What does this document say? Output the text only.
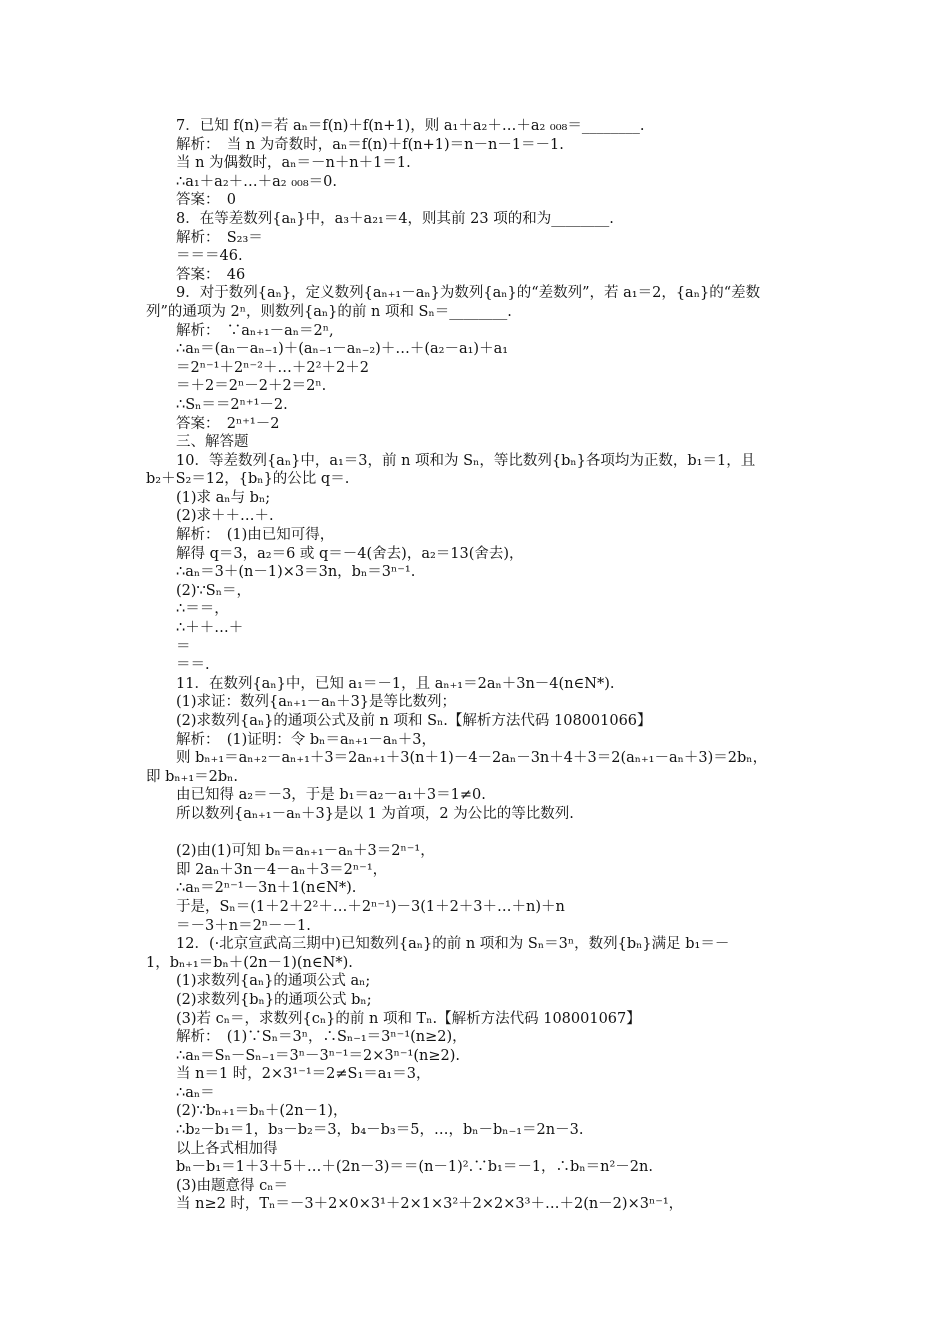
7．已知 f(n)＝若 aₙ＝f(n)＋f(n+1)，则 a₁＋a₂＋…＋a₂ ₀₀₈＝________.
解析：　当 n 为奇数时，aₙ＝f(n)＋f(n+1)＝n－n－1＝－1.
当 n 为偶数时，aₙ＝－n＋n＋1＝1.
∴a₁＋a₂＋…＋a₂ ₀₀₈＝0.
答案：　0
8．在等差数列{aₙ}中，a₃＋a₂₁＝4，则其前 23 项的和为________.
解析：　S₂₃＝
＝＝＝46.
答案：　46
9．对于数列{aₙ}，定义数列{aₙ₊₁－aₙ}为数列{aₙ}的“差数列”，若 a₁＝2，{aₙ}的“差数
列”的通项为 2ⁿ，则数列{aₙ}的前 n 项和 Sₙ＝________.
解析：　∵aₙ₊₁－aₙ＝2ⁿ,
∴aₙ＝(aₙ－aₙ₋₁)＋(aₙ₋₁－aₙ₋₂)＋…＋(a₂－a₁)＋a₁
＝2ⁿ⁻¹＋2ⁿ⁻²＋…＋2²＋2＋2
＝＋2＝2ⁿ－2＋2＝2ⁿ.
∴Sₙ＝＝2ⁿ⁺¹－2.
答案：　2ⁿ⁺¹－2
三、解答题
10．等差数列{aₙ}中，a₁＝3，前 n 项和为 Sₙ，等比数列{bₙ}各项均为正数，b₁＝1，且
b₂＋S₂＝12，{bₙ}的公比 q＝.
(1)求 aₙ与 bₙ;
(2)求＋＋…＋.
解析：　(1)由已知可得，
解得 q＝3，a₂＝6 或 q＝－4(舍去)，a₂＝13(舍去)，
∴aₙ＝3＋(n－1)×3＝3n，bₙ＝3ⁿ⁻¹.
(2)∵Sₙ＝，
∴＝＝，
∴＋＋…＋
＝
＝＝.
11．在数列{aₙ}中，已知 a₁＝－1，且 aₙ₊₁＝2aₙ＋3n－4(n∈N*).
(1)求证：数列{aₙ₊₁－aₙ＋3}是等比数列；
(2)求数列{aₙ}的通项公式及前 n 项和 Sₙ.【解析方法代码 108001066】
解析：　(1)证明：令 bₙ＝aₙ₊₁－aₙ＋3，
则 bₙ₊₁＝aₙ₊₂－aₙ₊₁＋3＝2aₙ₊₁＋3(n＋1)－4－2aₙ－3n＋4＋3＝2(aₙ₊₁－aₙ＋3)＝2bₙ，
即 bₙ₊₁＝2bₙ.
由已知得 a₂＝－3，于是 b₁＝a₂－a₁＋3＝1≠0.
所以数列{aₙ₊₁－aₙ＋3}是以 1 为首项，2 为公比的等比数列.
(2)由(1)可知 bₙ＝aₙ₊₁－aₙ＋3＝2ⁿ⁻¹，
即 2aₙ＋3n－4－aₙ＋3＝2ⁿ⁻¹，
∴aₙ＝2ⁿ⁻¹－3n＋1(n∈N*).
于是，Sₙ＝(1＋2＋2²＋…＋2ⁿ⁻¹)－3(1＋2＋3＋…＋n)＋n
＝－3＋n＝2ⁿ－－1.
12．(·北京宣武高三期中)已知数列{aₙ}的前 n 项和为 Sₙ＝3ⁿ，数列{bₙ}满足 b₁＝－
1，bₙ₊₁＝bₙ＋(2n－1)(n∈N*).
(1)求数列{aₙ}的通项公式 aₙ;
(2)求数列{bₙ}的通项公式 bₙ;
(3)若 cₙ＝，求数列{cₙ}的前 n 项和 Tₙ.【解析方法代码 108001067】
解析：　(1)∵Sₙ＝3ⁿ，∴Sₙ₋₁＝3ⁿ⁻¹(n≥2)，
∴aₙ＝Sₙ－Sₙ₋₁＝3ⁿ－3ⁿ⁻¹＝2×3ⁿ⁻¹(n≥2).
当 n＝1 时，2×3¹⁻¹＝2≠S₁＝a₁＝3，
∴aₙ＝
(2)∵bₙ₊₁＝bₙ＋(2n－1)，
∴b₂－b₁＝1，b₃－b₂＝3，b₄－b₃＝5，…，bₙ－bₙ₋₁＝2n－3.
以上各式相加得
bₙ－b₁＝1＋3＋5＋…＋(2n－3)＝＝(n－1)².∵b₁＝－1，∴bₙ＝n²－2n.
(3)由题意得 cₙ＝
当 n≥2 时，Tₙ＝－3＋2×0×3¹＋2×1×3²＋2×2×3³＋…＋2(n－2)×3ⁿ⁻¹，
